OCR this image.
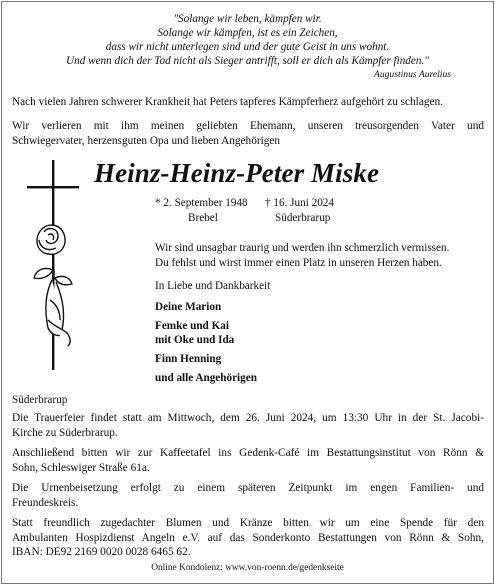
"Solange wir leben, kämpfen wir.
Solange wir kämpfen, ist es ein Zeichen,
dass wir nicht unterlegen sind und der gute Geist in uns wohnt.
Und wenn dich der Tod nicht als Sieger antrifft, soll er dich als Kämpfer finden."
Augustinus Aurelius
Nach vielen Jahren schwerer Krankheit hat Peters tapferes Kämpferherz aufgehört zu schlagen.
Wir verlieren mit ihm meinen geliebten Ehemann, unseren treusorgenden Vater und
Schwiegervater, herzensguten Opa und lieben Angehörigen
Heinz-Heinz-Peter Miske
* 2. September 1948 † 16. Juni 2024
Brebel	Süderbrarup
Wir sind unsagbar traurig und werden ihn schmerzlich vermissen.
Du fehlst und wirst immer einen Platz in unseren Herzen haben.
In Liebe und Dankbarkeit
Deine Marion
Femke und Kai
mit Oke und Ida
Finn Henning
und alle Angehörigen
Süderbrarup
Die Trauerfeier findet statt am Mittwoch, dem 26. Juni 2024, um 13:30 Uhr in der St. Jacobi-
Kirche zu Süderbrarup.
Anschließend bitten wir zur Kaffeetafel ins Gedenk-Café im Bestattungsinstitut von Rönn &
Sohn, Schleswiger Straße 61a.
Die Urnenbeisetzung erfolgt zu einem späteren Zeitpunkt im engen Familien- und
Freundeskreis.
Statt freundlich zugedachter Blumen und Kränze bitten wir um eine Spende für den
Ambulanten Hospizdienst Angeln e.V. auf das Sonderkonto Bestattungen von Rönn & Sohn,
IBAN: DE92 2169 0020 0028 6465 62.
Online Kondolenz: www.von-roenn.de/gedenkseite
